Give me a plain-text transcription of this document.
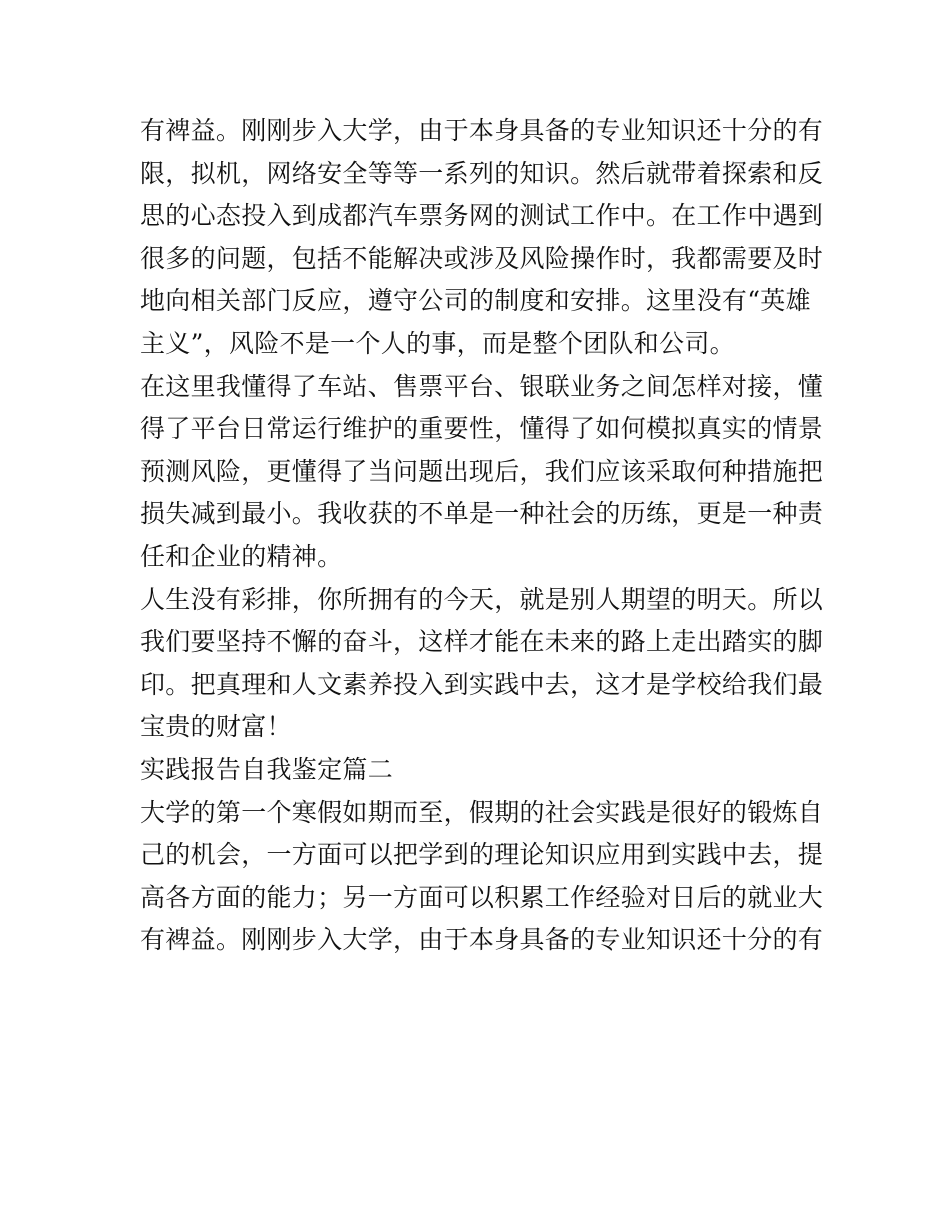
有裨益。刚刚步入大学，由于本身具备的专业知识还十分的有
限，拟机，网络安全等等一系列的知识。然后就带着探索和反
思的心态投入到成都汽车票务网的测试工作中。在工作中遇到
很多的问题，包括不能解决或涉及风险操作时，我都需要及时
地向相关部门反应，遵守公司的制度和安排。这里没有“英雄
主义”，风险不是一个人的事，而是整个团队和公司。
在这里我懂得了车站、售票平台、银联业务之间怎样对接，懂
得了平台日常运行维护的重要性，懂得了如何模拟真实的情景
预测风险，更懂得了当问题出现后，我们应该采取何种措施把
损失减到最小。我收获的不单是一种社会的历练，更是一种责
任和企业的精神。
人生没有彩排，你所拥有的今天，就是别人期望的明天。所以
我们要坚持不懈的奋斗，这样才能在未来的路上走出踏实的脚
印。把真理和人文素养投入到实践中去，这才是学校给我们最
宝贵的财富！
实践报告自我鉴定篇二
大学的第一个寒假如期而至，假期的社会实践是很好的锻炼自
己的机会，一方面可以把学到的理论知识应用到实践中去，提
高各方面的能力；另一方面可以积累工作经验对日后的就业大
有裨益。刚刚步入大学，由于本身具备的专业知识还十分的有
